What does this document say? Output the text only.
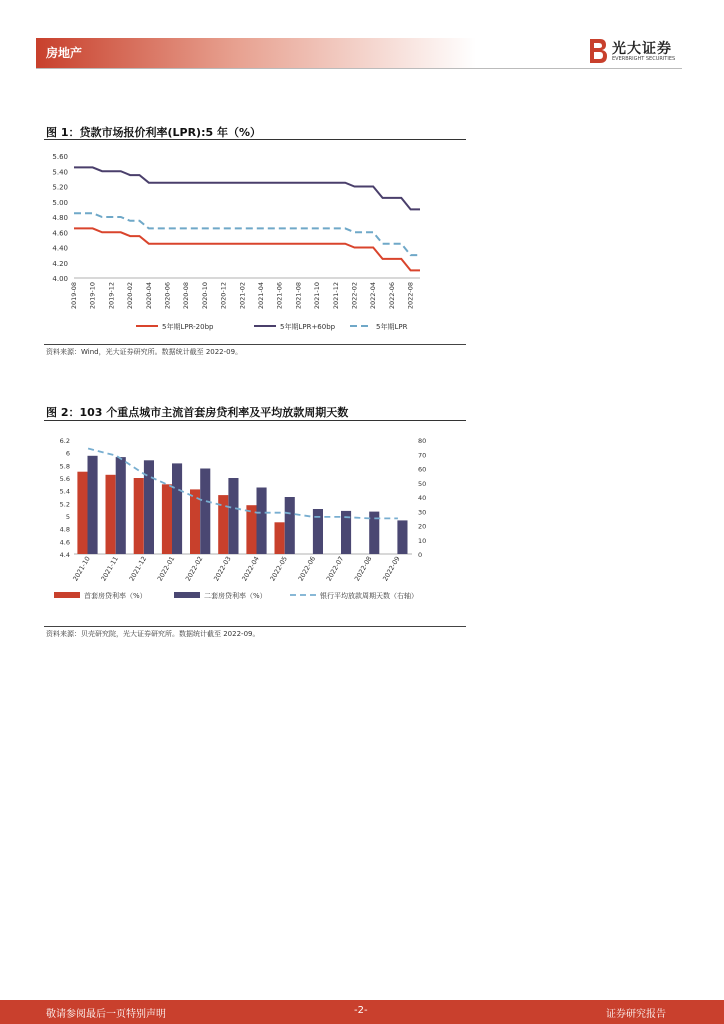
房地产	光大证券
EVERBRIGHT SECURITIES
图 1：贷款市场报价利率(LPR):5 年（%）
4.00
4.20
4.40
4.60
4.80
5.00
5.20
5.40
5.60
2019-08 2019-10 2019-12 2020-02 2020-04 2020-06 2020-08 2020-10 2020-12 2021-02 2021-04 2021-06 2021-08 2021-10 2021-12 2022-02 2022-04 2022-06 2022-08
5年期LPR-20bp	5年期LPR+60bp	5年期LPR
资料来源：Wind，光大证券研究所。数据统计截至 2022-09。
图 2：103 个重点城市主流首套房贷利率及平均放款周期天数
4.4
4.6
4.8
5
5.2
5.4
5.6
5.8
6
6.2
0
10
20
30
40
50
60
70
80
2021-10 2021-11 2021-12 2022-01 2022-02 2022-03 2022-04 2022-05 2022-06 2022-07 2022-08 2022-09
首套房贷利率（%）	二套房贷利率（%）	银行平均放款周期天数（右轴）
资料来源：贝壳研究院，光大证券研究所。数据统计截至 2022-09。
敬请参阅最后一页特别声明	-2-	证券研究报告
